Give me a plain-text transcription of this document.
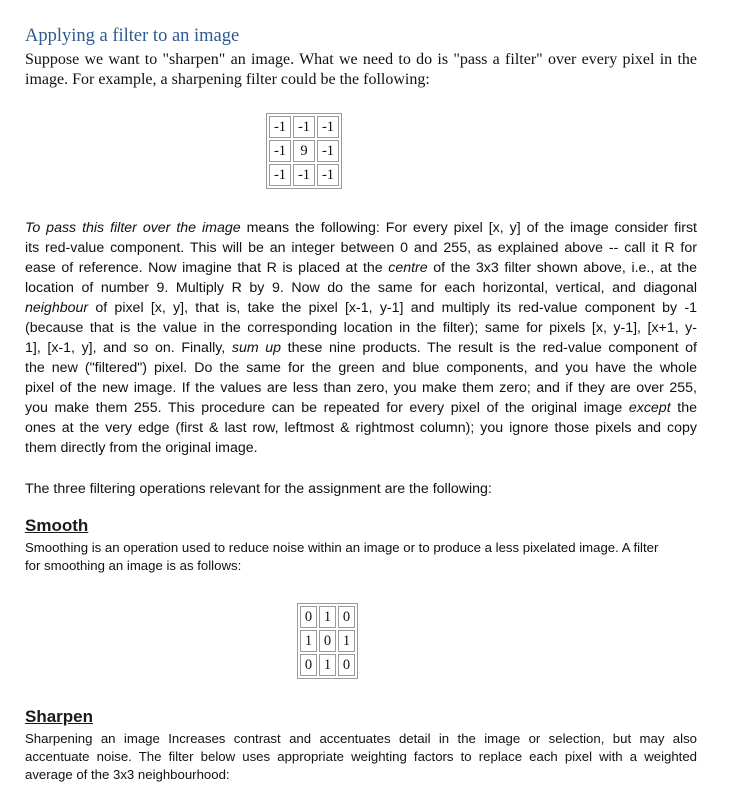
Applying a filter to an image
Suppose we want to "sharpen" an image. What we need to do is "pass a filter" over every pixel in the
image. For example, a sharpening filter could be the following:
-1	-1	-1
-1	9	-1
-1	-1	-1
To pass this filter over the image means the following: For every pixel [x, y] of the image consider first
its red-value component. This will be an integer between 0 and 255, as explained above -- call it R for
ease of reference. Now imagine that R is placed at the centre of the 3x3 filter shown above, i.e., at the
location of number 9. Multiply R by 9. Now do the same for each horizontal, vertical, and diagonal
neighbour of pixel [x, y], that is, take the pixel [x-1, y-1] and multiply its red-value component by -1
(because that is the value in the corresponding location in the filter); same for pixels [x, y-1], [x+1, y-
1], [x-1, y], and so on. Finally, sum up these nine products. The result is the red-value component of
the new ("filtered") pixel. Do the same for the green and blue components, and you have the whole
pixel of the new image. If the values are less than zero, you make them zero; and if they are over 255,
you make them 255. This procedure can be repeated for every pixel of the original image except the
ones at the very edge (first & last row, leftmost & rightmost column); you ignore those pixels and copy
them directly from the original image.
The three filtering operations relevant for the assignment are the following:
Smooth
Smoothing is an operation used to reduce noise within an image or to produce a less pixelated image. A filter
for smoothing an image is as follows:
0	1	0
1	0	1
0	1	0
Sharpen
Sharpening an image Increases contrast and accentuates detail in the image or selection, but may also
accentuate noise. The filter below uses appropriate weighting factors to replace each pixel with a weighted
average of the 3x3 neighbourhood:
